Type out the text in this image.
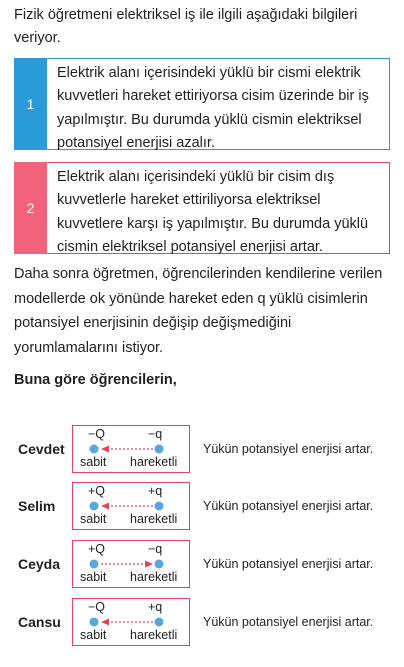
Fizik öğretmeni elektriksel iş ile ilgili aşağıdaki bilgileri veriyor.
1
Elektrik alanı içerisindeki yüklü bir cismi elektrik kuvvetleri hareket ettiriyorsa cisim üzerinde bir iş yapılmıştır. Bu durumda yüklü cismin elektriksel potansiyel enerjisi azalır.
2
Elektrik alanı içerisindeki yüklü bir cisim dış kuvvetlerle hareket ettiriliyorsa elektriksel kuvvetlere karşı iş yapılmıştır. Bu durumda yüklü cismin elektriksel potansiyel enerjisi artar.
Daha sonra öğretmen, öğrencilerinden kendilerine verilen modellerde ok yönünde hareket eden q yüklü cisimlerin potansiyel enerjisinin değişip değişmediğini yorumlamalarını istiyor.
Buna göre öğrencilerin,
Cevdet
−Q	−q
sabit hareketli
Yükün potansiyel enerjisi artar.
Selim
+Q	+q
sabit hareketli
Yükün potansiyel enerjisi artar.
Ceyda
+Q	−q
sabit hareketli
Yükün potansiyel enerjisi artar.
Cansu
−Q	+q
sabit hareketli
Yükün potansiyel enerjisi artar.
